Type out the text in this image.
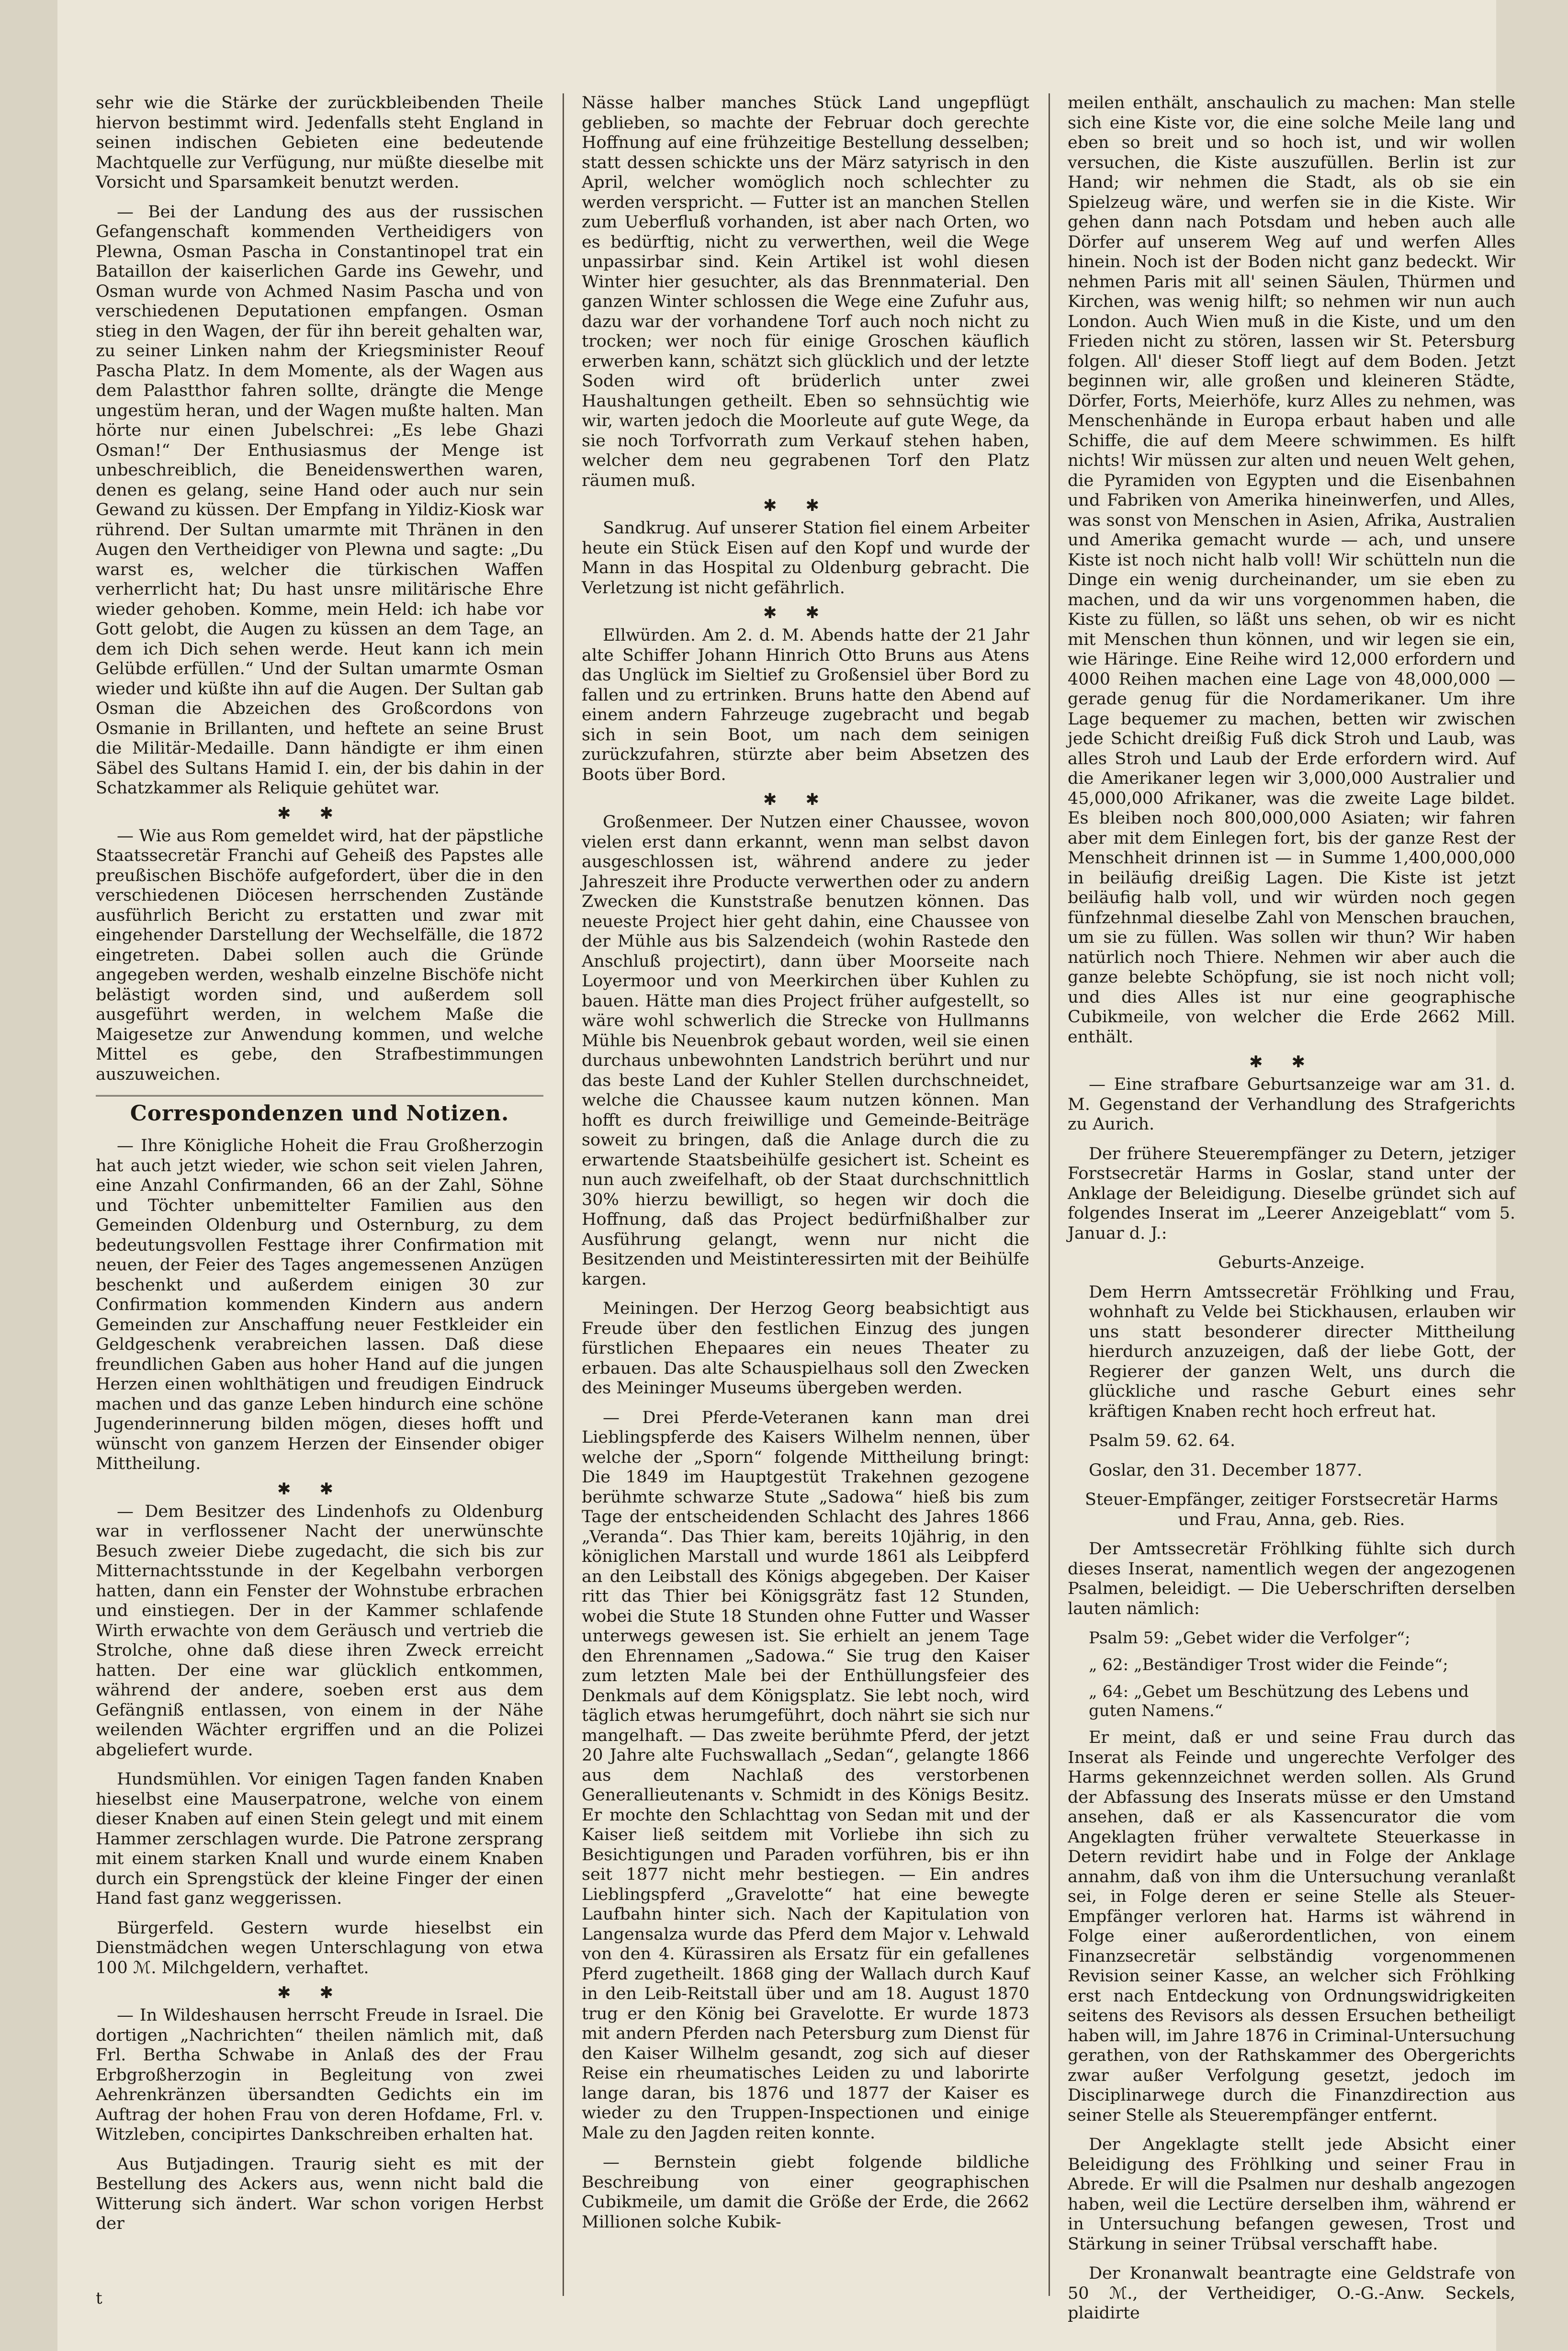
sehr wie die Stärke der zurückbleibenden Theile hiervon bestimmt wird. Jedenfalls steht England in seinen indischen Gebieten eine bedeutende Machtquelle zur Verfügung, nur müßte dieselbe mit Vorsicht und Sparsamkeit benutzt werden.

— Bei der Landung des aus der russischen Gefangenschaft kommenden Vertheidigers von Plewna, Osman Pascha in Constantinopel trat ein Bataillon der kaiserlichen Garde ins Gewehr, und Osman wurde von Achmed Nasim Pascha und von verschiedenen Deputationen empfangen. Osman stieg in den Wagen, der für ihn bereit gehalten war, zu seiner Linken nahm der Kriegsminister Reouf Pascha Platz. In dem Momente, als der Wagen aus dem Palastthor fahren sollte, drängte die Menge ungestüm heran, und der Wagen mußte halten. Man hörte nur einen Jubelschrei: „Es lebe Ghazi Osman!“ Der Enthusiasmus der Menge ist unbeschreiblich, die Beneidenswerthen waren, denen es gelang, seine Hand oder auch nur sein Gewand zu küssen. Der Empfang in Yildiz-Kiosk war rührend. Der Sultan umarmte mit Thränen in den Augen den Vertheidiger von Plewna und sagte: „Du warst es, welcher die türkischen Waffen verherrlicht hat; Du hast unsre militärische Ehre wieder gehoben. Komme, mein Held: ich habe vor Gott gelobt, die Augen zu küssen an dem Tage, an dem ich Dich sehen werde. Heut kann ich mein Gelübde erfüllen.“ Und der Sultan umarmte Osman wieder und küßte ihn auf die Augen. Der Sultan gab Osman die Abzeichen des Großcordons von Osmanie in Brillanten, und heftete an seine Brust die Militär-Medaille. Dann händigte er ihm einen Säbel des Sultans Hamid I. ein, der bis dahin in der Schatzkammer als Reliquie gehütet war.

✱✱

— Wie aus Rom gemeldet wird, hat der päpstliche Staatssecretär Franchi auf Geheiß des Papstes alle preußischen Bischöfe aufgefordert, über die in den verschiedenen Diöcesen herrschenden Zustände ausführlich Bericht zu erstatten und zwar mit eingehender Darstellung der Wechselfälle, die 1872 eingetreten. Dabei sollen auch die Gründe angegeben werden, weshalb einzelne Bischöfe nicht belästigt worden sind, und außerdem soll ausgeführt werden, in welchem Maße die Maigesetze zur Anwendung kommen, und welche Mittel es gebe, den Strafbestimmungen auszuweichen.

Correspondenzen und Notizen.

— Ihre Königliche Hoheit die Frau Großherzogin hat auch jetzt wieder, wie schon seit vielen Jahren, eine Anzahl Confirmanden, 66 an der Zahl, Söhne und Töchter unbemittelter Familien aus den Gemeinden Oldenburg und Osternburg, zu dem bedeutungsvollen Festtage ihrer Confirmation mit neuen, der Feier des Tages angemessenen Anzügen beschenkt und außerdem einigen 30 zur Confirmation kommenden Kindern aus andern Gemeinden zur Anschaffung neuer Festkleider ein Geldgeschenk verabreichen lassen. Daß diese freundlichen Gaben aus hoher Hand auf die jungen Herzen einen wohlthätigen und freudigen Eindruck machen und das ganze Leben hindurch eine schöne Jugenderinnerung bilden mögen, dieses hofft und wünscht von ganzem Herzen der Einsender obiger Mittheilung.

✱✱

— Dem Besitzer des Lindenhofs zu Oldenburg war in verflossener Nacht der unerwünschte Besuch zweier Diebe zugedacht, die sich bis zur Mitternachtsstunde in der Kegelbahn verborgen hatten, dann ein Fenster der Wohnstube erbrachen und einstiegen. Der in der Kammer schlafende Wirth erwachte von dem Geräusch und vertrieb die Strolche, ohne daß diese ihren Zweck erreicht hatten. Der eine war glücklich entkommen, während der andere, soeben erst aus dem Gefängniß entlassen, von einem in der Nähe weilenden Wächter ergriffen und an die Polizei abgeliefert wurde.

Hundsmühlen. Vor einigen Tagen fanden Knaben hieselbst eine Mauserpatrone, welche von einem dieser Knaben auf einen Stein gelegt und mit einem Hammer zerschlagen wurde. Die Patrone zersprang mit einem starken Knall und wurde einem Knaben durch ein Sprengstück der kleine Finger der einen Hand fast ganz weggerissen.

Bürgerfeld. Gestern wurde hieselbst ein Dienstmädchen wegen Unterschlagung von etwa 100 ℳ. Milchgeldern, verhaftet.

✱✱

— In Wildeshausen herrscht Freude in Israel. Die dortigen „Nachrichten“ theilen nämlich mit, daß Frl. Bertha Schwabe in Anlaß des der Frau Erbgroßherzogin in Begleitung von zwei Aehrenkränzen übersandten Gedichts ein im Auftrag der hohen Frau von deren Hofdame, Frl. v. Witzleben, concipirtes Dankschreiben erhalten hat.

Aus Butjadingen. Traurig sieht es mit der Bestellung des Ackers aus, wenn nicht bald die Witterung sich ändert. War schon vorigen Herbst der

Nässe halber manches Stück Land ungepflügt geblieben, so machte der Februar doch gerechte Hoffnung auf eine frühzeitige Bestellung desselben; statt dessen schickte uns der März satyrisch in den April, welcher womöglich noch schlechter zu werden verspricht. — Futter ist an manchen Stellen zum Ueberfluß vorhanden, ist aber nach Orten, wo es bedürftig, nicht zu verwerthen, weil die Wege unpassirbar sind. Kein Artikel ist wohl diesen Winter hier gesuchter, als das Brennmaterial. Den ganzen Winter schlossen die Wege eine Zufuhr aus, dazu war der vorhandene Torf auch noch nicht zu trocken; wer noch für einige Groschen käuflich erwerben kann, schätzt sich glücklich und der letzte Soden wird oft brüderlich unter zwei Haushaltungen getheilt. Eben so sehnsüchtig wie wir, warten jedoch die Moorleute auf gute Wege, da sie noch Torfvorrath zum Verkauf stehen haben, welcher dem neu gegrabenen Torf den Platz räumen muß.

✱✱

Sandkrug. Auf unserer Station fiel einem Arbeiter heute ein Stück Eisen auf den Kopf und wurde der Mann in das Hospital zu Oldenburg gebracht. Die Verletzung ist nicht gefährlich.

✱✱

Ellwürden. Am 2. d. M. Abends hatte der 21 Jahr alte Schiffer Johann Hinrich Otto Bruns aus Atens das Unglück im Sieltief zu Großensiel über Bord zu fallen und zu ertrinken. Bruns hatte den Abend auf einem andern Fahrzeuge zugebracht und begab sich in sein Boot, um nach dem seinigen zurückzufahren, stürzte aber beim Absetzen des Boots über Bord.

✱✱

Großenmeer. Der Nutzen einer Chaussee, wovon vielen erst dann erkannt, wenn man selbst davon ausgeschlossen ist, während andere zu jeder Jahreszeit ihre Producte verwerthen oder zu andern Zwecken die Kunststraße benutzen können. Das neueste Project hier geht dahin, eine Chaussee von der Mühle aus bis Salzendeich (wohin Rastede den Anschluß projectirt), dann über Moorseite nach Loyermoor und von Meerkirchen über Kuhlen zu bauen. Hätte man dies Project früher aufgestellt, so wäre wohl schwerlich die Strecke von Hullmanns Mühle bis Neuenbrok gebaut worden, weil sie einen durchaus unbewohnten Landstrich berührt und nur das beste Land der Kuhler Stellen durchschneidet, welche die Chaussee kaum nutzen können. Man hofft es durch freiwillige und Gemeinde-Beiträge soweit zu bringen, daß die Anlage durch die zu erwartende Staatsbeihülfe gesichert ist. Scheint es nun auch zweifelhaft, ob der Staat durchschnittlich 30% hierzu bewilligt, so hegen wir doch die Hoffnung, daß das Project bedürfnißhalber zur Ausführung gelangt, wenn nur nicht die Besitzenden und Meistinteressirten mit der Beihülfe kargen.

Meiningen. Der Herzog Georg beabsichtigt aus Freude über den festlichen Einzug des jungen fürstlichen Ehepaares ein neues Theater zu erbauen. Das alte Schauspielhaus soll den Zwecken des Meininger Museums übergeben werden.

— Drei Pferde-Veteranen kann man drei Lieblingspferde des Kaisers Wilhelm nennen, über welche der „Sporn“ folgende Mittheilung bringt: Die 1849 im Hauptgestüt Trakehnen gezogene berühmte schwarze Stute „Sadowa“ hieß bis zum Tage der entscheidenden Schlacht des Jahres 1866 „Veranda“. Das Thier kam, bereits 10jährig, in den königlichen Marstall und wurde 1861 als Leibpferd an den Leibstall des Königs abgegeben. Der Kaiser ritt das Thier bei Königsgrätz fast 12 Stunden, wobei die Stute 18 Stunden ohne Futter und Wasser unterwegs gewesen ist. Sie erhielt an jenem Tage den Ehrennamen „Sadowa.“ Sie trug den Kaiser zum letzten Male bei der Enthüllungsfeier des Denkmals auf dem Königsplatz. Sie lebt noch, wird täglich etwas herumgeführt, doch nährt sie sich nur mangelhaft. — Das zweite berühmte Pferd, der jetzt 20 Jahre alte Fuchswallach „Sedan“, gelangte 1866 aus dem Nachlaß des verstorbenen Generallieutenants v. Schmidt in des Königs Besitz. Er mochte den Schlachttag von Sedan mit und der Kaiser ließ seitdem mit Vorliebe ihn sich zu Besichtigungen und Paraden vorführen, bis er ihn seit 1877 nicht mehr bestiegen. — Ein andres Lieblingspferd „Gravelotte“ hat eine bewegte Laufbahn hinter sich. Nach der Kapitulation von Langensalza wurde das Pferd dem Major v. Lehwald von den 4. Kürassiren als Ersatz für ein gefallenes Pferd zugetheilt. 1868 ging der Wallach durch Kauf in den Leib-Reitstall über und am 18. August 1870 trug er den König bei Gravelotte. Er wurde 1873 mit andern Pferden nach Petersburg zum Dienst für den Kaiser Wilhelm gesandt, zog sich auf dieser Reise ein rheumatisches Leiden zu und laborirte lange daran, bis 1876 und 1877 der Kaiser es wieder zu den Truppen-Inspectionen und einige Male zu den Jagden reiten konnte.

— Bernstein giebt folgende bildliche Beschreibung von einer geographischen Cubikmeile, um damit die Größe der Erde, die 2662 Millionen solche Kubik-

meilen enthält, anschaulich zu machen: Man stelle sich eine Kiste vor, die eine solche Meile lang und eben so breit und so hoch ist, und wir wollen versuchen, die Kiste auszufüllen. Berlin ist zur Hand; wir nehmen die Stadt, als ob sie ein Spielzeug wäre, und werfen sie in die Kiste. Wir gehen dann nach Potsdam und heben auch alle Dörfer auf unserem Weg auf und werfen Alles hinein. Noch ist der Boden nicht ganz bedeckt. Wir nehmen Paris mit all' seinen Säulen, Thürmen und Kirchen, was wenig hilft; so nehmen wir nun auch London. Auch Wien muß in die Kiste, und um den Frieden nicht zu stören, lassen wir St. Petersburg folgen. All' dieser Stoff liegt auf dem Boden. Jetzt beginnen wir, alle großen und kleineren Städte, Dörfer, Forts, Meierhöfe, kurz Alles zu nehmen, was Menschenhände in Europa erbaut haben und alle Schiffe, die auf dem Meere schwimmen. Es hilft nichts! Wir müssen zur alten und neuen Welt gehen, die Pyramiden von Egypten und die Eisenbahnen und Fabriken von Amerika hineinwerfen, und Alles, was sonst von Menschen in Asien, Afrika, Australien und Amerika gemacht wurde — ach, und unsere Kiste ist noch nicht halb voll! Wir schütteln nun die Dinge ein wenig durcheinander, um sie eben zu machen, und da wir uns vorgenommen haben, die Kiste zu füllen, so läßt uns sehen, ob wir es nicht mit Menschen thun können, und wir legen sie ein, wie Häringe. Eine Reihe wird 12,000 erfordern und 4000 Reihen machen eine Lage von 48,000,000 — gerade genug für die Nordamerikaner. Um ihre Lage bequemer zu machen, betten wir zwischen jede Schicht dreißig Fuß dick Stroh und Laub, was alles Stroh und Laub der Erde erfordern wird. Auf die Amerikaner legen wir 3,000,000 Australier und 45,000,000 Afrikaner, was die zweite Lage bildet. Es bleiben noch 800,000,000 Asiaten; wir fahren aber mit dem Einlegen fort, bis der ganze Rest der Menschheit drinnen ist — in Summe 1,400,000,000 in beiläufig dreißig Lagen. Die Kiste ist jetzt beiläufig halb voll, und wir würden noch gegen fünfzehnmal dieselbe Zahl von Menschen brauchen, um sie zu füllen. Was sollen wir thun? Wir haben natürlich noch Thiere. Nehmen wir aber auch die ganze belebte Schöpfung, sie ist noch nicht voll; und dies Alles ist nur eine geographische Cubikmeile, von welcher die Erde 2662 Mill. enthält.

✱✱

— Eine strafbare Geburtsanzeige war am 31. d. M. Gegenstand der Verhandlung des Strafgerichts zu Aurich.

Der frühere Steuerempfänger zu Detern, jetziger Forstsecretär Harms in Goslar, stand unter der Anklage der Beleidigung. Dieselbe gründet sich auf folgendes Inserat im „Leerer Anzeigeblatt“ vom 5. Januar d. J.:

Geburts-Anzeige.

Dem Herrn Amtssecretär Fröhlking und Frau, wohnhaft zu Velde bei Stickhausen, erlauben wir uns statt besonderer directer Mittheilung hierdurch anzuzeigen, daß der liebe Gott, der Regierer der ganzen Welt, uns durch die glückliche und rasche Geburt eines sehr kräftigen Knaben recht hoch erfreut hat.

Psalm 59. 62. 64.

Goslar, den 31. December 1877.

Steuer-Empfänger, zeitiger Forstsecretär Harms und Frau, Anna, geb. Ries.

Der Amtssecretär Fröhlking fühlte sich durch dieses Inserat, namentlich wegen der angezogenen Psalmen, beleidigt. — Die Ueberschriften derselben lauten nämlich:

Psalm 59: „Gebet wider die Verfolger“;

„ 62: „Beständiger Trost wider die Feinde“;

„ 64: „Gebet um Beschützung des Lebens und guten Namens.“

Er meint, daß er und seine Frau durch das Inserat als Feinde und ungerechte Verfolger des Harms gekennzeichnet werden sollen. Als Grund der Abfassung des Inserats müsse er den Umstand ansehen, daß er als Kassencurator die vom Angeklagten früher verwaltete Steuerkasse in Detern revidirt habe und in Folge der Anklage annahm, daß von ihm die Untersuchung veranlaßt sei, in Folge deren er seine Stelle als Steuer-Empfänger verloren hat. Harms ist während in Folge einer außerordentlichen, von einem Finanzsecretär selbständig vorgenommenen Revision seiner Kasse, an welcher sich Fröhlking erst nach Entdeckung von Ordnungswidrigkeiten seitens des Revisors als dessen Ersuchen betheiligt haben will, im Jahre 1876 in Criminal-Untersuchung gerathen, von der Rathskammer des Obergerichts zwar außer Verfolgung gesetzt, jedoch im Disciplinarwege durch die Finanzdirection aus seiner Stelle als Steuerempfänger entfernt.

Der Angeklagte stellt jede Absicht einer Beleidigung des Fröhlking und seiner Frau in Abrede. Er will die Psalmen nur deshalb angezogen haben, weil die Lectüre derselben ihm, während er in Untersuchung befangen gewesen, Trost und Stärkung in seiner Trübsal verschafft habe.

Der Kronanwalt beantragte eine Geldstrafe von 50 ℳ., der Vertheidiger, O.-G.-Anw. Seckels, plaidirte

t
